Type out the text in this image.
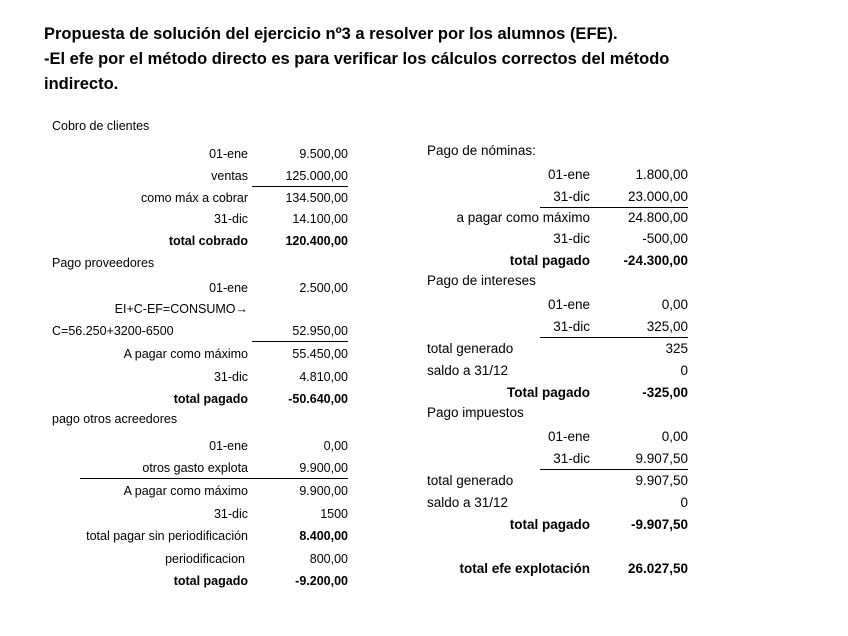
Propuesta de solución del ejercicio nº3 a resolver por los alumnos (EFE).
-El efe por el método directo es para verificar los cálculos correctos del método
indirecto.
Cobro de clientes
01-ene	9.500,00
ventas	125.000,00
como máx a cobrar	134.500,00
31-dic	14.100,00
total cobrado	120.400,00
Pago proveedores
01-ene	2.500,00
EI+C-EF=CONSUMO→
C=56.250+3200-6500	52.950,00
A pagar como máximo	55.450,00
31-dic	4.810,00
total pagado	-50.640,00
pago otros acreedores
01-ene	0,00
otros gasto explota	9.900,00
A pagar como máximo	9.900,00
31-dic	1500
total pagar sin periodificación	8.400,00
periodificacion	800,00
total pagado	-9.200,00
Pago de nóminas:
01-ene	1.800,00
31-dic	23.000,00
a pagar como máximo	24.800,00
31-dic	-500,00
total pagado	-24.300,00
Pago de intereses
01-ene	0,00
31-dic	325,00
total generado	325
saldo a 31/12	0
Total pagado	-325,00
Pago impuestos
01-ene	0,00
31-dic	9.907,50
total generado	9.907,50
saldo a 31/12	0
total pagado	-9.907,50
total efe explotación	26.027,50
